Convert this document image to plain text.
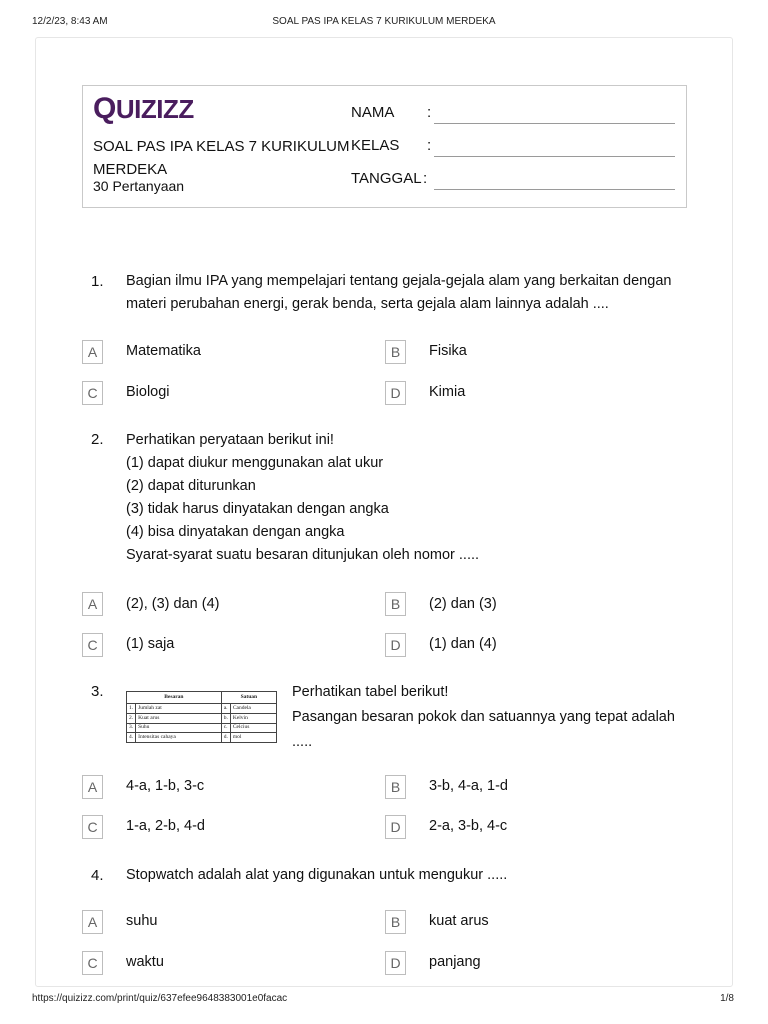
12/2/23, 8:43 AM	SOAL PAS IPA KELAS 7 KURIKULUM MERDEKA
QUIZIZZ
SOAL PAS IPA KELAS 7 KURIKULUM
MERDEKA
30 Pertanyaan
NAMA :
KELAS :
TANGGAL :
1. Bagian ilmu IPA yang mempelajari tentang gejala-gejala alam yang berkaitan dengan
materi perubahan energi, gerak benda, serta gejala alam lainnya adalah ....
A	Matematika	B	Fisika
C	Biologi	D	Kimia
2. Perhatikan peryataan berikut ini!
(1) dapat diukur menggunakan alat ukur
(2) dapat diturunkan
(3) tidak harus dinyatakan dengan angka
(4) bisa dinyatakan dengan angka
Syarat-syarat suatu besaran ditunjukan oleh nomor .....
A	(2), (3) dan (4)	B	(2) dan (3)
C	(1) saja	D	(1) dan (4)
3.	Besaran		Satuan	
1.	Jumlah zat	a.	Candela
2.	Kuat arus	b.	Kelvin
3.	Suhu	c.	Celcius
4.	Intensitas cahaya	d.	mol
Perhatikan tabel berikut!
Pasangan besaran pokok dan satuannya yang tepat adalah
.....
A	4-a, 1-b, 3-c	B	3-b, 4-a, 1-d
C	1-a, 2-b, 4-d	D	2-a, 3-b, 4-c
4. Stopwatch adalah alat yang digunakan untuk mengukur .....
A	suhu	B	kuat arus
C	waktu	D	panjang
https://quizizz.com/print/quiz/637efee9648383001e0facac	1/8
